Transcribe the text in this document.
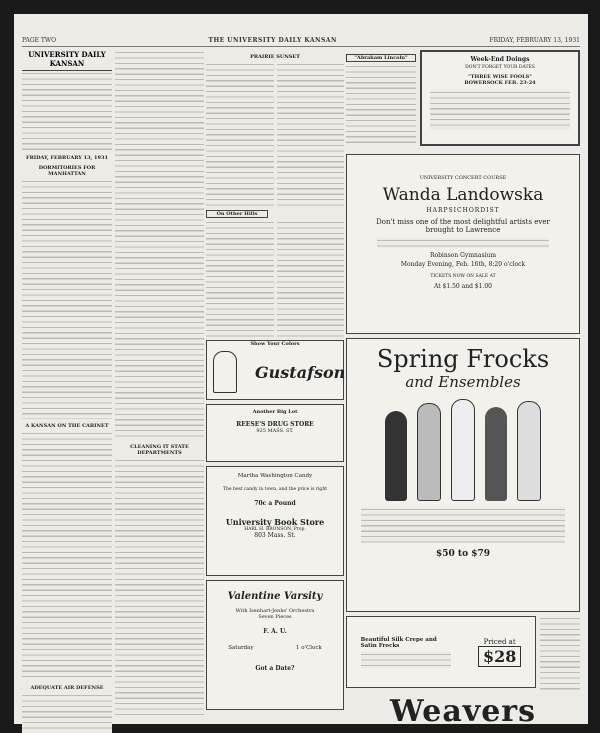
PAGE TWO	THE UNIVERSITY DAILY KANSAN	FRIDAY, FEBRUARY 13, 1931
UNIVERSITY DAILY KANSAN
FRIDAY, FEBRUARY 13, 1931
DORMITORIES FOR MANHATTAN
A KANSAN ON THE CABINET
ADEQUATE AIR DEFENSE
CLEANING IT STATE DEPARTMENTS
PRAIRIE SUNSET
On Other Hills
Show Your Colors
Gustafson
Another Big Lot
REESE'S DRUG STORE
925 MASS. ST.
Martha Washington Candy
The best candy in town, and the price is right
70c a Pound
University Book Store
HARL H. BRONSON, Prop.
803 Mass. St.
Valentine Varsity
With Isenhart-Jenks' Orchestra
Seven Pieces
F. A. U.
Saturday	1 o'Clock
Got a Date?
"Abraham Lincoln"	Week-End Doings
DON'T FORGET YOUR DATES
"THREE WISE FOOLS"
BOWERSOCK FEB. 23-24
UNIVERSITY CONCERT COURSE
Wanda Landowska
HARPSICHORDIST
Don't miss one of the most delightful artists ever
brought to Lawrence
Robinson Gymnasium
Monday Evening, Feb. 16th, 8:20 o'clock
TICKETS NOW ON SALE AT
At $1.50 and $1.00
Spring Frocks
and Ensembles
$50 to $79
Beautiful Silk Crepe and Satin Frocks	Priced at
$28
Weavers
